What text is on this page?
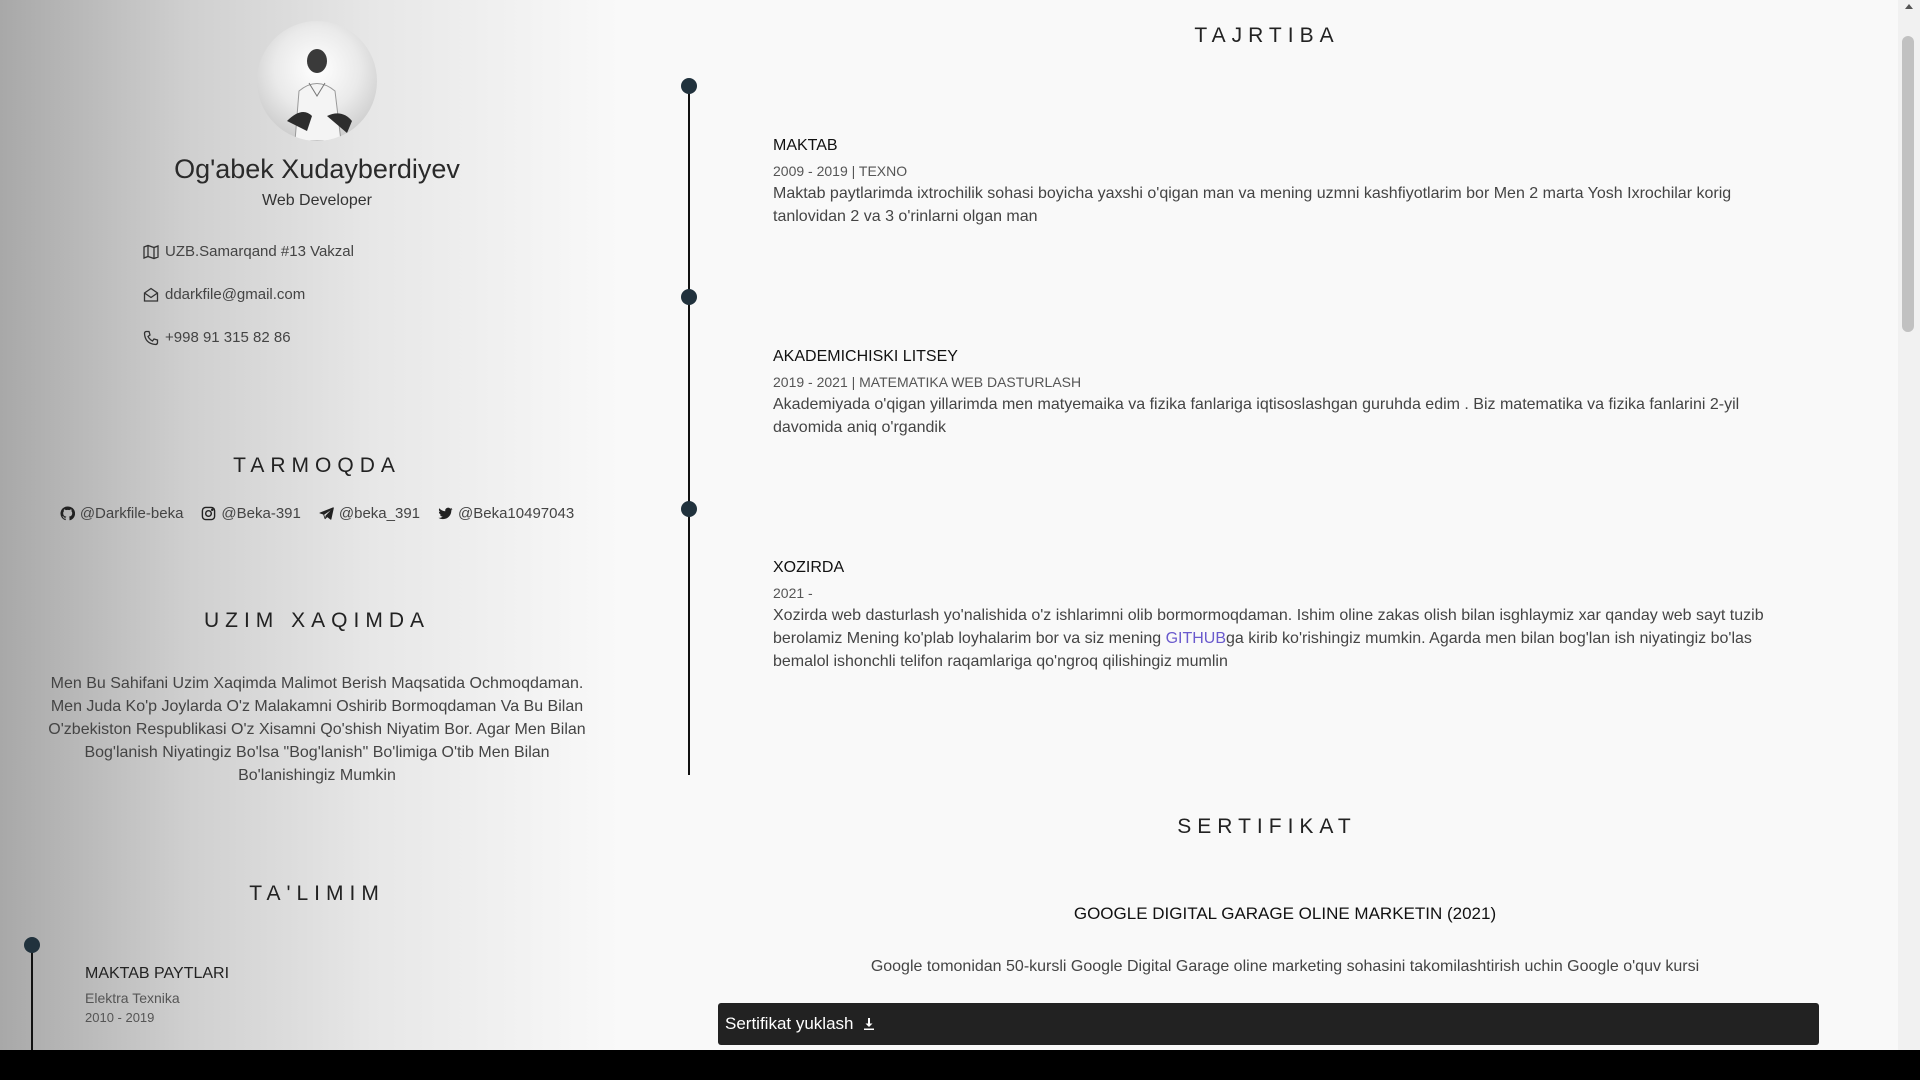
Og'abek Xudayberdiyev
Web Developer
UZB.Samarqand #13 Vakzal
ddarkfile@gmail.com
+998 91 315 82 86
TARMOQDA
@Darkfile-beka	@Beka-391	@beka_391	@Beka10497043
UZIM XAQIMDA
Men Bu Sahifani Uzim Xaqimda Malimot Berish Maqsatida Ochmoqdaman. Men Juda Ko'p Joylarda O'z Malakamni Oshirib Bormoqdaman Va Bu Bilan O'zbekiston Respublikasi O'z Xisamni Qo'shish Niyatim Bor. Agar Men Bilan Bog'lanish Niyatingiz Bo'lsa "Bog'lanish" Bo'limiga O'tib Men Bilan Bo'lanishingiz Mumkin
TA'LIMIM
MAKTAB PAYTLARI
Elektra Texnika
2010 - 2019
TAJRTIBA
MAKTAB
2009 - 2019 | TEXNO
Maktab paytlarimda ixtrochilik sohasi boyicha yaxshi o'qigan man va mening uzmni kashfiyotlarim bor Men 2 marta Yosh Ixrochilar korig tanlovidan 2 va 3 o'rinlarni olgan man
AKADEMICHISKI LITSEY
2019 - 2021 | MATEMATIKA WEB DASTURLASH
Akademiyada o'qigan yillarimda men matyemaika va fizika fanlariga iqtisoslashgan guruhda edim . Biz matematika va fizika fanlarini 2-yil davomida aniq o'rgandik
XOZIRDA
2021 -
Xozirda web dasturlash yo'nalishida o'z ishlarimni olib bormormoqdaman. Ishim oline zakas olish bilan isghlaymiz xar qanday web sayt tuzib berolamiz Mening ko'plab loyhalarim bor va siz mening GITHUBga kirib ko'rishingiz mumkin. Agarda men bilan bog'lan ish niyatingiz bo'las bemalol ishonchli telifon raqamlariga qo'ngroq qilishingiz mumlin
SERTIFIKAT
GOOGLE DIGITAL GARAGE OLINE MARKETIN (2021)
Google tomonidan 50-kursli Google Digital Garage oline marketing sohasini takomilashtirish uchin Google o'quv kursi
Sertifikat yuklash
